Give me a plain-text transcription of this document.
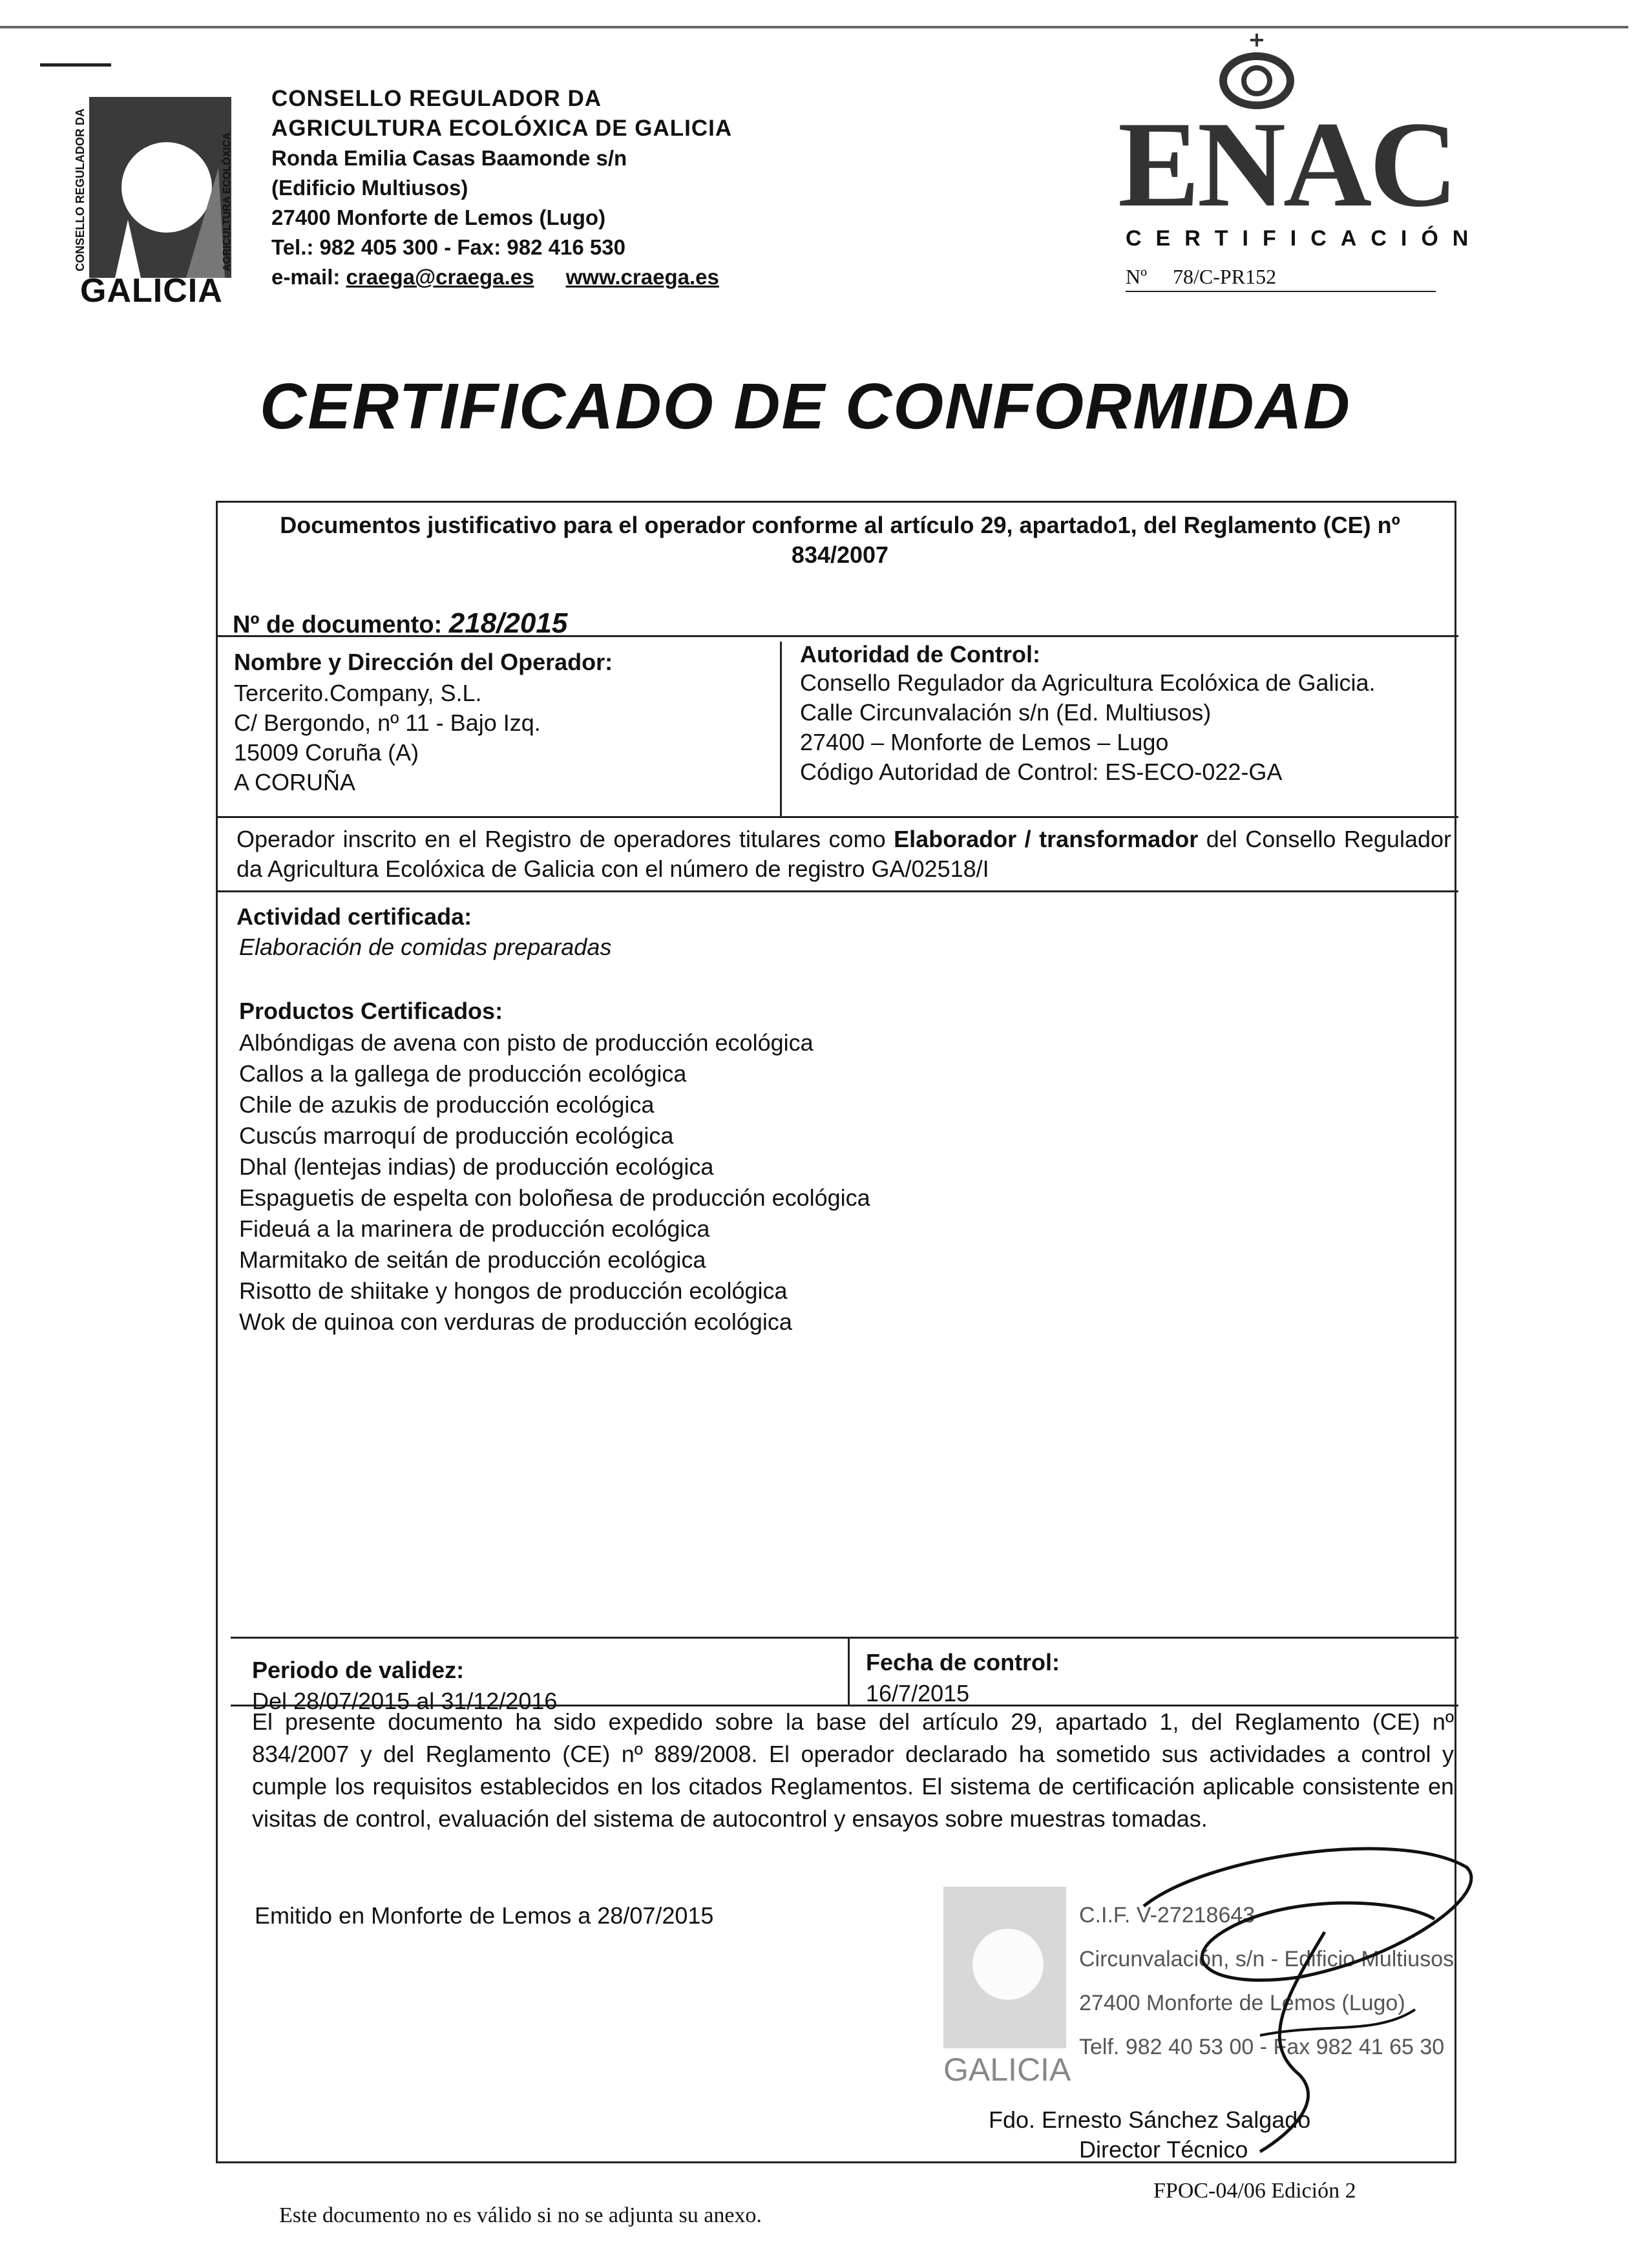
CONSELLO REGULADOR DA	AGRICULTURA ECOLÓXICA
GALICIA
CONSELLO REGULADOR DA
AGRICULTURA ECOLÓXICA DE GALICIA
Ronda Emilia Casas Baamonde s/n
(Edificio Multiusos)
27400 Monforte de Lemos (Lugo)
Tel.: 982 405 300 - Fax: 982 416 530
e-mail: craega@craega.es www.craega.es
ENAC
CERTIFICACIÓN
Nº 78/C-PR152
CERTIFICADO DE CONFORMIDAD
Documentos justificativo para el operador conforme al artículo 29, apartado1, del Reglamento (CE) nº 834/2007
Nº de documento: 218/2015
Nombre y Dirección del Operador:
Tercerito.Company, S.L.
C/ Bergondo, nº 11 - Bajo Izq.
15009 Coruña (A)
A CORUÑA
Autoridad de Control:
Consello Regulador da Agricultura Ecolóxica de Galicia.
Calle Circunvalación s/n (Ed. Multiusos)
27400 – Monforte de Lemos – Lugo
Código Autoridad de Control: ES-ECO-022-GA
Operador inscrito en el Registro de operadores titulares como Elaborador / transformador del Consello Regulador da Agricultura Ecolóxica de Galicia con el número de registro GA/02518/I
Actividad certificada:
Elaboración de comidas preparadas
Productos Certificados:
Albóndigas de avena con pisto de producción ecológica
Callos a la gallega de producción ecológica
Chile de azukis de producción ecológica
Cuscús marroquí de producción ecológica
Dhal (lentejas indias) de producción ecológica
Espaguetis de espelta con boloñesa de producción ecológica
Fideuá a la marinera de producción ecológica
Marmitako de seitán de producción ecológica
Risotto de shiitake y hongos de producción ecológica
Wok de quinoa con verduras de producción ecológica
Periodo de validez:
Del 28/07/2015 al 31/12/2016
Fecha de control:
16/7/2015
El presente documento ha sido expedido sobre la base del artículo 29, apartado 1, del Reglamento (CE) nº 834/2007 y del Reglamento (CE) nº 889/2008. El operador declarado ha sometido sus actividades a control y cumple los requisitos establecidos en los citados Reglamentos. El sistema de certificación aplicable consistente en visitas de control, evaluación del sistema de autocontrol y ensayos sobre muestras tomadas.
Emitido en Monforte de Lemos a 28/07/2015
GALICIA
C.I.F. V-27218643
Circunvalación, s/n - Edificio Multiusos
27400 Monforte de Lemos (Lugo)
Telf. 982 40 53 00 - Fax 982 41 65 30
Fdo. Ernesto Sánchez Salgado
Director Técnico
Este documento no es válido si no se adjunta su anexo.
FPOC-04/06 Edición 2
